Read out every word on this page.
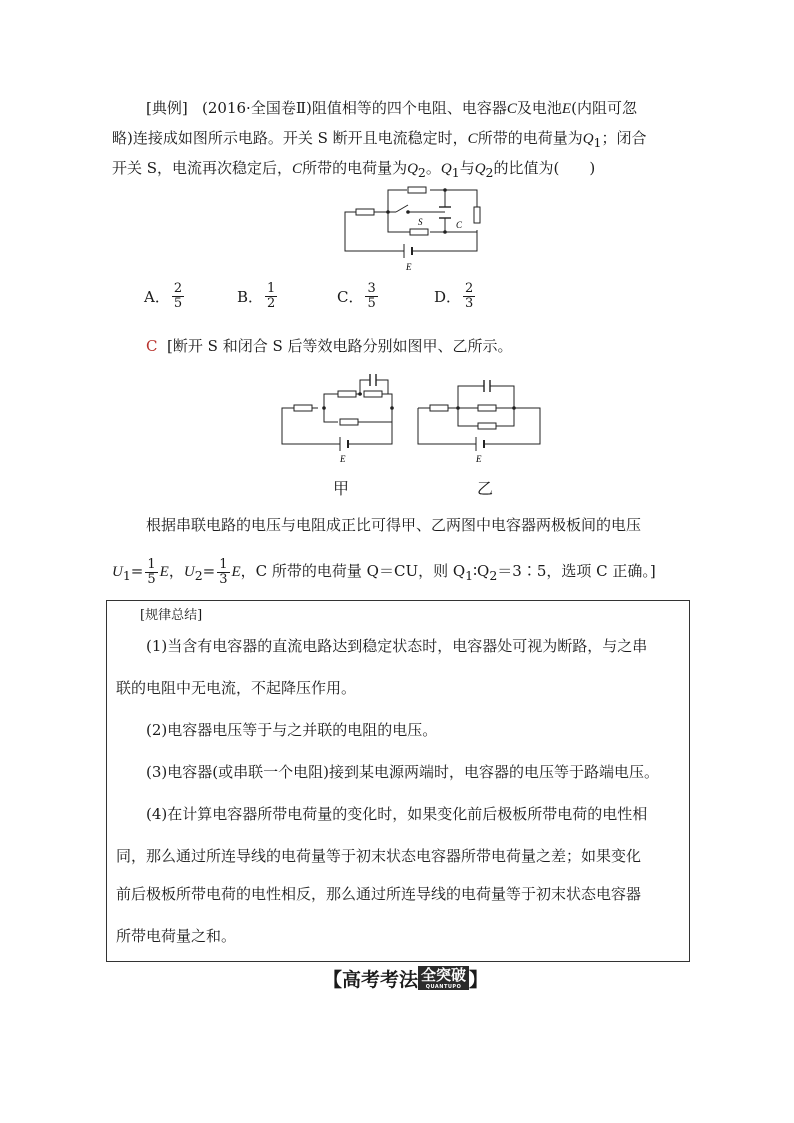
[典例] (2016·全国卷Ⅱ)阻值相等的四个电阻、电容器C及电池E(内阻可忽
略)连接成如图所示电路。开关 S 断开且电流稳定时，C所带的电荷量为$Q_1$；闭合
开关 S，电流再次稳定后，C所带的电荷量为$Q_2$。$Q_1$与$Q_2$的比值为(　　)
S	C
E
A． $\frac{2}{5}$	B． $\frac{1}{2}$	C． $\frac{3}{5}$	D． $\frac{2}{3}$
C [断开 S 和闭合 S 后等效电路分别如图甲、乙所示。
E	E
甲	乙
根据串联电路的电压与电阻成正比可得甲、乙两图中电容器两极板间的电压
$U_1= \frac{1}{5}$ E，$U_2= \frac{1}{3}$ E，C 所带的电荷量 Q＝CU，则 $Q_1∶Q_2=3∶5$，选项 C 正确。]
[规律总结]
(1)当含有电容器的直流电路达到稳定状态时，电容器处可视为断路，与之串
联的电阻中无电流，不起降压作用。
(2)电容器电压等于与之并联的电阻的电压。
(3)电容器(或串联一个电阻)接到某电源两端时，电容器的电压等于路端电压。
(4)在计算电容器所带电荷量的变化时，如果变化前后极板所带电荷的电性相
同，那么通过所连导线的电荷量等于初末状态电容器所带电荷量之差；如果变化
前后极板所带电荷的电性相反，那么通过所连导线的电荷量等于初末状态电容器
所带电荷量之和。
【 高考考法 全突破
QUANTUPO 】
